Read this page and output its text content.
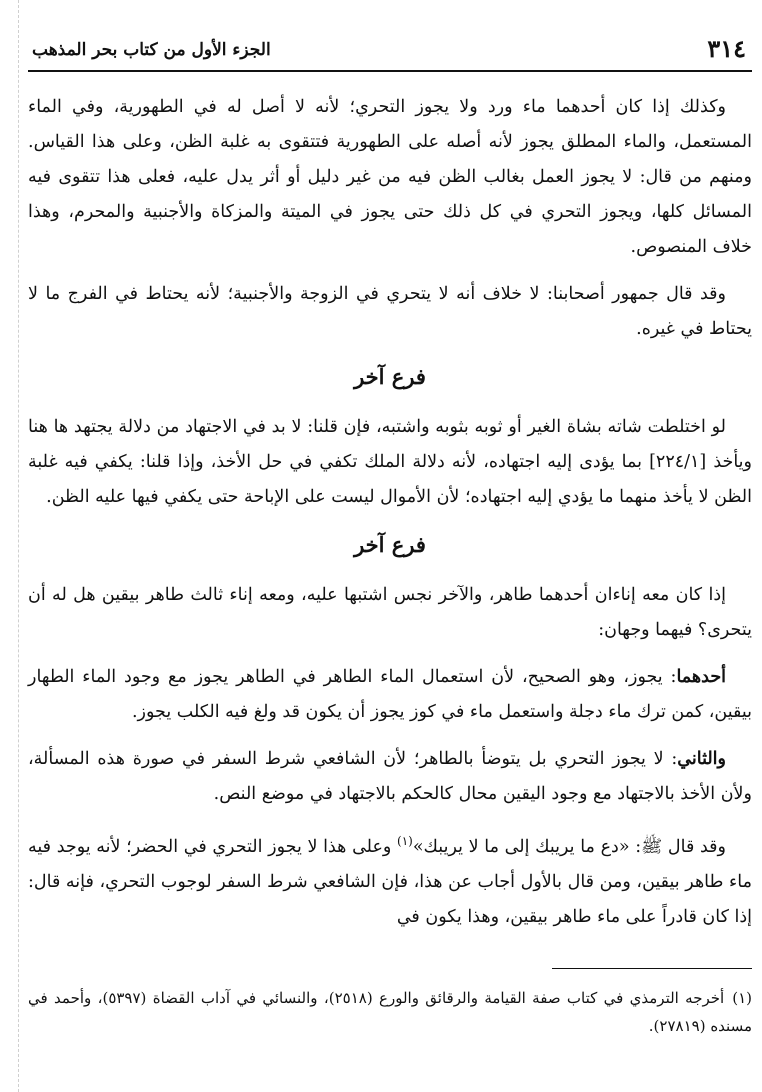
٣١٤
الجزء الأول من كتاب بحر المذهب

وكذلك إذا كان أحدهما ماء ورد ولا يجوز التحري؛ لأنه لا أصل له في الطهورية، وفي الماء المستعمل، والماء المطلق يجوز لأنه أصله على الطهورية فتتقوى به غلبة الظن، وعلى هذا القياس. ومنهم من قال: لا يجوز العمل بغالب الظن فيه من غير دليل أو أثر يدل عليه، فعلى هذا تتقوى فيه المسائل كلها، ويجوز التحري في كل ذلك حتى يجوز في الميتة والمزكاة والأجنبية والمحرم، وهذا خلاف المنصوص.

وقد قال جمهور أصحابنا: لا خلاف أنه لا يتحري في الزوجة والأجنبية؛ لأنه يحتاط في الفرج ما لا يحتاط في غيره.

فرع آخر

لو اختلطت شاته بشاة الغير أو ثوبه بثوبه واشتبه، فإن قلنا: لا بد في الاجتهاد من دلالة يجتهد ها هنا ويأخذ [٢٢٤/١] بما يؤدى إليه اجتهاده، لأنه دلالة الملك تكفي في حل الأخذ، وإذا قلنا: يكفي فيه غلبة الظن لا يأخذ منهما ما يؤدي إليه اجتهاده؛ لأن الأموال ليست على الإباحة حتى يكفي فيها عليه الظن.

فرع آخر

إذا كان معه إناءان أحدهما طاهر، والآخر نجس اشتبها عليه، ومعه إناء ثالث طاهر بيقين هل له أن يتحرى؟ فيهما وجهان:

أحدهما: يجوز، وهو الصحيح، لأن استعمال الماء الطاهر في الطاهر يجوز مع وجود الماء الطهار بيقين، كمن ترك ماء دجلة واستعمل ماء في كوز يجوز أن يكون قد ولغ فيه الكلب يجوز.

والثاني: لا يجوز التحري بل يتوضأ بالطاهر؛ لأن الشافعي شرط السفر في صورة هذه المسألة، ولأن الأخذ بالاجتهاد مع وجود اليقين محال كالحكم بالاجتهاد في موضع النص.

وقد قال ﷺ: «دع ما يريبك إلى ما لا يريبك»$^{(١)}$ وعلى هذا لا يجوز التحري في الحضر؛ لأنه يوجد فيه ماء طاهر بيقين، ومن قال بالأول أجاب عن هذا، فإن الشافعي شرط السفر لوجوب التحري، فإنه قال: إذا كان قادراً على ماء طاهر بيقين، وهذا يكون في

(١)أخرجه الترمذي في كتاب صفة القيامة والرقائق والورع (٢٥١٨)، والنسائي في آداب القضاة (٥٣٩٧)، وأحمد في مسنده (٢٧٨١٩).
